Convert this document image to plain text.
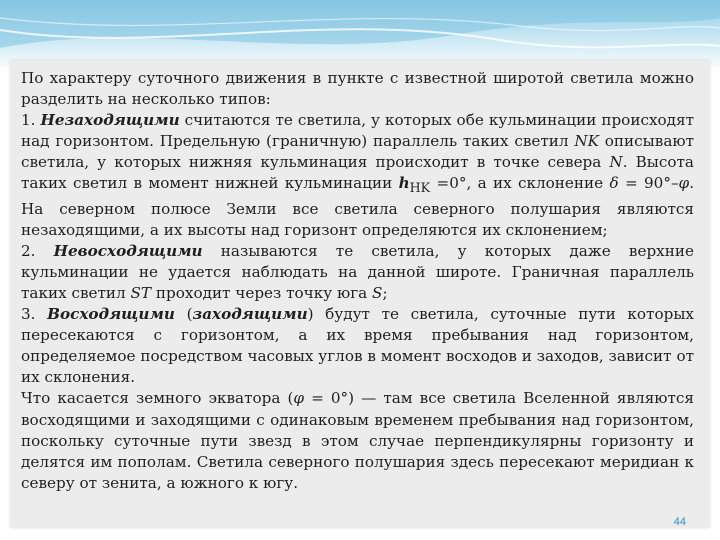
По характеру суточного движения в пункте с известной широтой светила можно разделить на несколько типов:

1. Незаходящими считаются те светила, у которых обе кульминации происходят над горизонтом. Предельную (граничную) параллель таких светил NK описывают светила, у которых нижняя кульминация происходит в точке севера N. Высота таких светил в момент нижней кульминации $h_{HK} =0^\circ$, а их склонение δ = 90°–φ. На северном полюсе Земли все светила северного полушария являются незаходящими, а их высоты над горизонт определяются их склонением;

2. Невосходящими называются те светила, у которых даже верхние кульминации не удается наблюдать на данной широте. Граничная параллель таких светил ST проходит через точку юга S;

3. Восходящими (заходящими) будут те светила, суточные пути которых пересекаются с горизонтом, а их время пребывания над горизонтом, определяемое посредством часовых углов в момент восходов и заходов, зависит от их склонения.

Что касается земного экватора (φ = 0°) — там все светила Вселенной являются восходящими и заходящими с одинаковым временем пребывания над горизонтом, поскольку суточные пути звезд в этом случае перпендикулярны горизонту и делятся им пополам. Светила северного полушария здесь пересекают меридиан к северу от зенита, а южного к югу.

44
